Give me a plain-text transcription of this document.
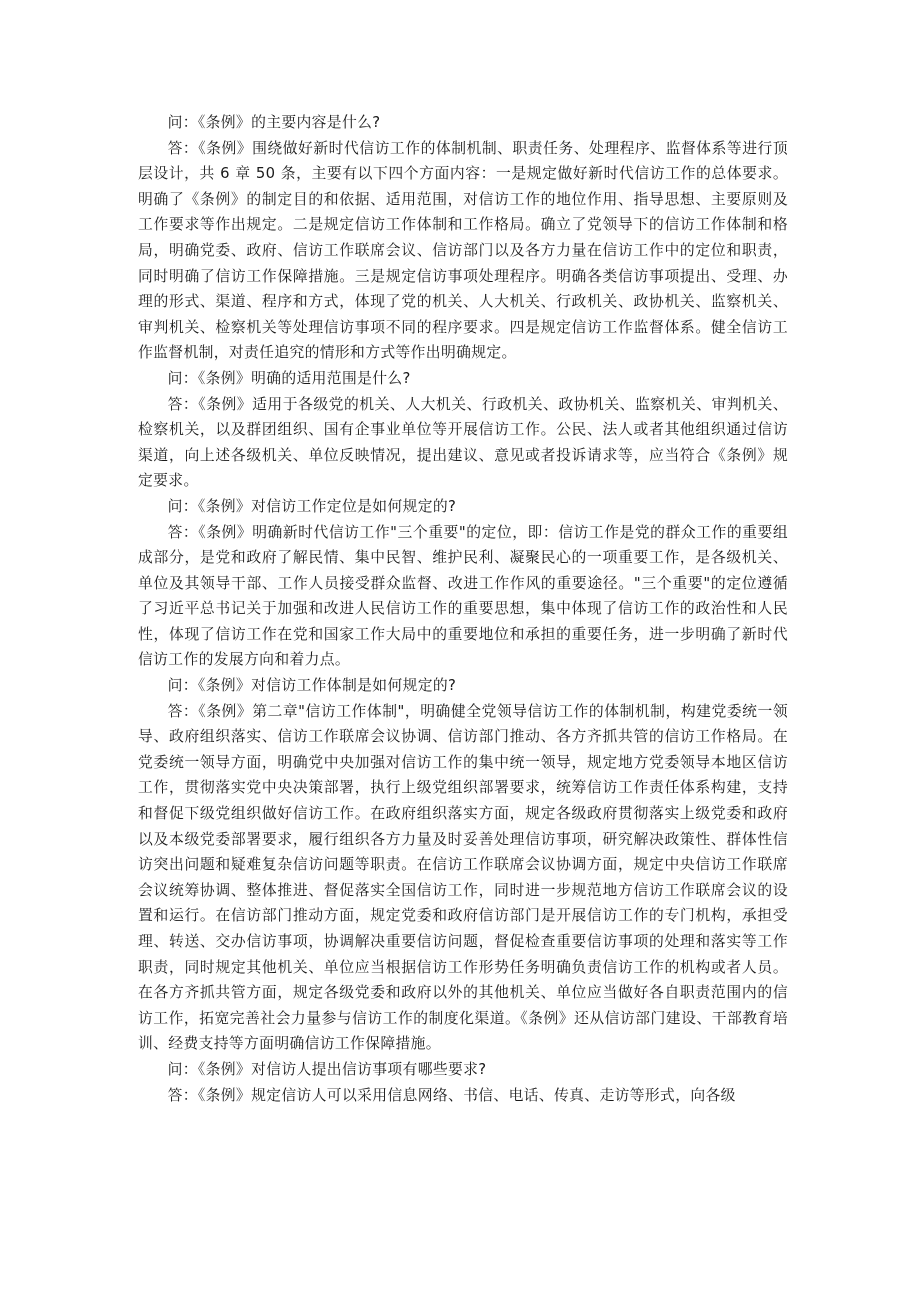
问：《条例》的主要内容是什么?

答：《条例》围绕做好新时代信访工作的体制机制、职责任务、处理程序、监督体系等进行顶层设计，共 6 章 50 条，主要有以下四个方面内容：一是规定做好新时代信访工作的总体要求。明确了《条例》的制定目的和依据、适用范围，对信访工作的地位作用、指导思想、主要原则及工作要求等作出规定。二是规定信访工作体制和工作格局。确立了党领导下的信访工作体制和格局，明确党委、政府、信访工作联席会议、信访部门以及各方力量在信访工作中的定位和职责，同时明确了信访工作保障措施。三是规定信访事项处理程序。明确各类信访事项提出、受理、办理的形式、渠道、程序和方式，体现了党的机关、人大机关、行政机关、政协机关、监察机关、审判机关、检察机关等处理信访事项不同的程序要求。四是规定信访工作监督体系。健全信访工作监督机制，对责任追究的情形和方式等作出明确规定。

问：《条例》明确的适用范围是什么?

答：《条例》适用于各级党的机关、人大机关、行政机关、政协机关、监察机关、审判机关、检察机关，以及群团组织、国有企事业单位等开展信访工作。公民、法人或者其他组织通过信访渠道，向上述各级机关、单位反映情况，提出建议、意见或者投诉请求等，应当符合《条例》规定要求。

问：《条例》对信访工作定位是如何规定的?

答：《条例》明确新时代信访工作"三个重要"的定位，即：信访工作是党的群众工作的重要组成部分，是党和政府了解民情、集中民智、维护民利、凝聚民心的一项重要工作，是各级机关、单位及其领导干部、工作人员接受群众监督、改进工作作风的重要途径。"三个重要"的定位遵循了习近平总书记关于加强和改进人民信访工作的重要思想，集中体现了信访工作的政治性和人民性，体现了信访工作在党和国家工作大局中的重要地位和承担的重要任务，进一步明确了新时代信访工作的发展方向和着力点。

问：《条例》对信访工作体制是如何规定的?

答：《条例》第二章"信访工作体制"，明确健全党领导信访工作的体制机制，构建党委统一领导、政府组织落实、信访工作联席会议协调、信访部门推动、各方齐抓共管的信访工作格局。在党委统一领导方面，明确党中央加强对信访工作的集中统一领导，规定地方党委领导本地区信访工作，贯彻落实党中央决策部署，执行上级党组织部署要求，统筹信访工作责任体系构建，支持和督促下级党组织做好信访工作。在政府组织落实方面，规定各级政府贯彻落实上级党委和政府以及本级党委部署要求，履行组织各方力量及时妥善处理信访事项，研究解决政策性、群体性信访突出问题和疑难复杂信访问题等职责。在信访工作联席会议协调方面，规定中央信访工作联席会议统筹协调、整体推进、督促落实全国信访工作，同时进一步规范地方信访工作联席会议的设置和运行。在信访部门推动方面，规定党委和政府信访部门是开展信访工作的专门机构，承担受理、转送、交办信访事项，协调解决重要信访问题，督促检查重要信访事项的处理和落实等工作职责，同时规定其他机关、单位应当根据信访工作形势任务明确负责信访工作的机构或者人员。在各方齐抓共管方面，规定各级党委和政府以外的其他机关、单位应当做好各自职责范围内的信访工作，拓宽完善社会力量参与信访工作的制度化渠道。《条例》还从信访部门建设、干部教育培训、经费支持等方面明确信访工作保障措施。

问：《条例》对信访人提出信访事项有哪些要求?

答：《条例》规定信访人可以采用信息网络、书信、电话、传真、走访等形式，向各级
